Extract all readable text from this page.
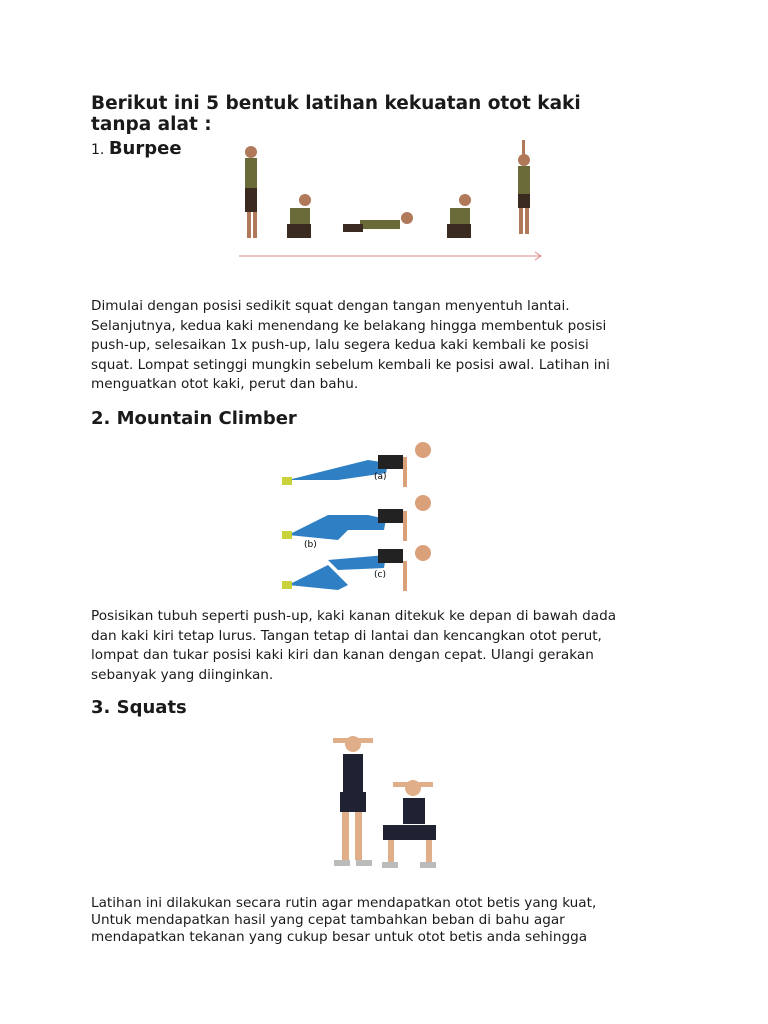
Berikut ini 5 bentuk latihan kekuatan otot kaki
tanpa alat :
1. Burpee
Dimulai dengan posisi sedikit squat dengan tangan menyentuh lantai.
Selanjutnya, kedua kaki menendang ke belakang hingga membentuk posisi
push-up, selesaikan 1x push-up, lalu segera kedua kaki kembali ke posisi
squat. Lompat setinggi mungkin sebelum kembali ke posisi awal. Latihan ini
menguatkan otot kaki, perut dan bahu.
2. Mountain Climber
(a)
(b)
(c)
Posisikan tubuh seperti push-up, kaki kanan ditekuk ke depan di bawah dada
dan kaki kiri tetap lurus. Tangan tetap di lantai dan kencangkan otot perut,
lompat dan tukar posisi kaki kiri dan kanan dengan cepat. Ulangi gerakan
sebanyak yang diinginkan.
3. Squats
Latihan ini dilakukan secara rutin agar mendapatkan otot betis yang kuat,
Untuk mendapatkan hasil yang cepat tambahkan beban di bahu agar
mendapatkan tekanan yang cukup besar untuk otot betis anda sehingga
